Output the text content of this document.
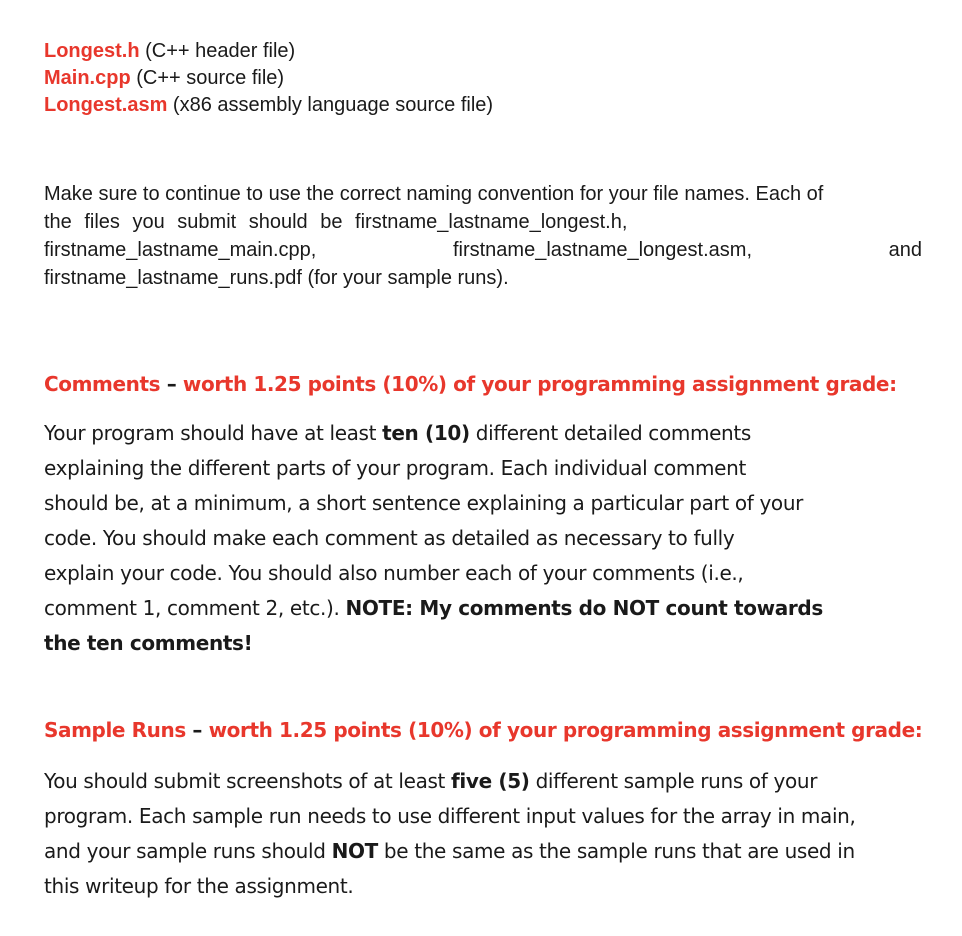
Longest.h (C++ header file)
Main.cpp (C++ source file)
Longest.asm (x86 assembly language source file)
Make sure to continue to use the correct naming convention for your file names. Each of
the files you submit should be firstname_lastname_longest.h,
firstname_lastname_main.cpp,	firstname_lastname_longest.asm,	and
firstname_lastname_runs.pdf (for your sample runs).
Comments – worth 1.25 points (10%) of your programming assignment grade:
Your program should have at least ten (10) different detailed comments
explaining the different parts of your program. Each individual comment
should be, at a minimum, a short sentence explaining a particular part of your
code. You should make each comment as detailed as necessary to fully
explain your code. You should also number each of your comments (i.e.,
comment 1, comment 2, etc.). NOTE: My comments do NOT count towards
the ten comments!
Sample Runs – worth 1.25 points (10%) of your programming assignment grade:
You should submit screenshots of at least five (5) different sample runs of your
program. Each sample run needs to use different input values for the array in main,
and your sample runs should NOT be the same as the sample runs that are used in
this writeup for the assignment.
